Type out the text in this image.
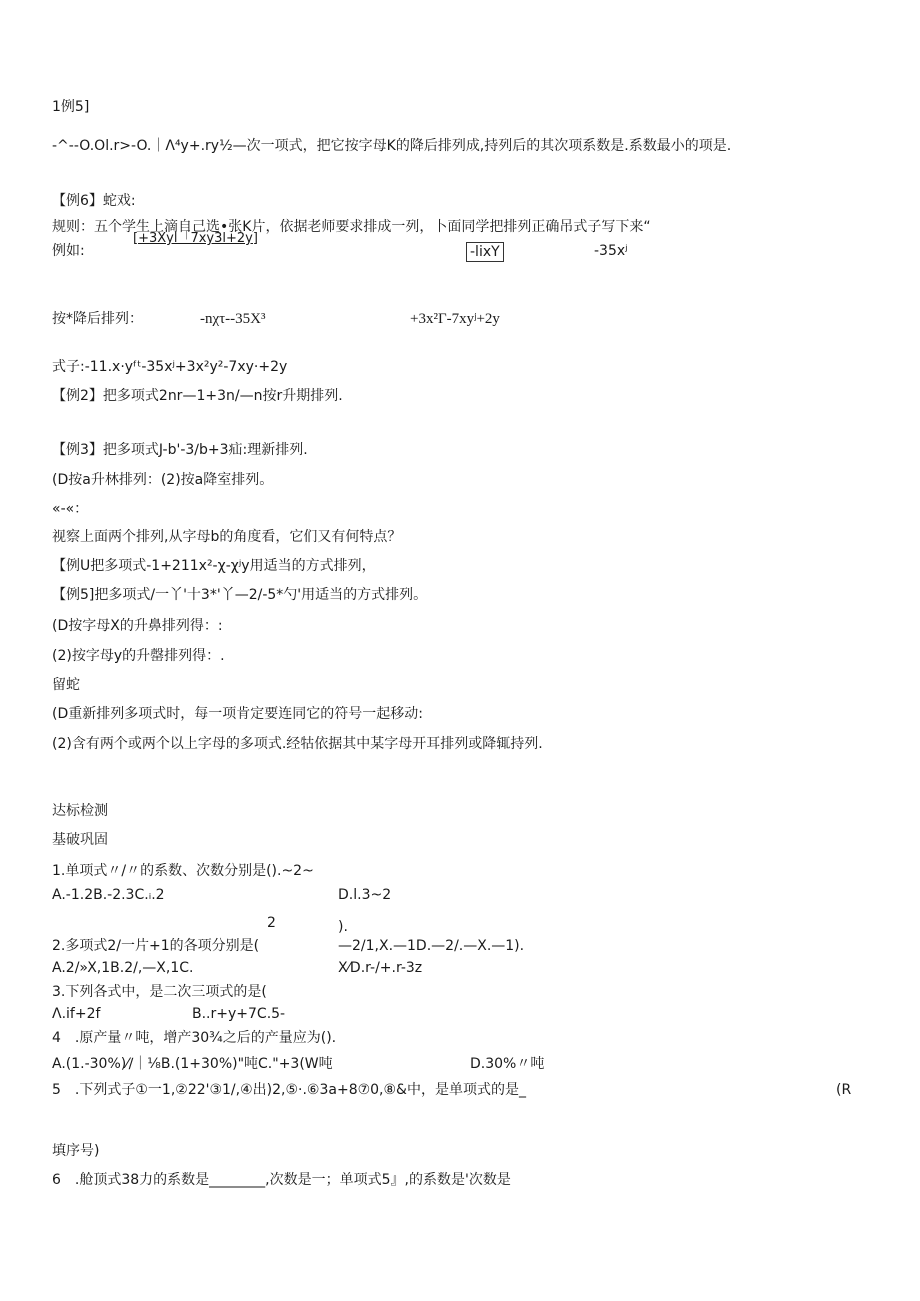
1例5]
-^--O.Ol.r>-O.｜Λ⁴y+.ry½—次一项式，把它按字母K的降后排列成,持列后的其次项系数是.系数最小的项是.
【例6】蛇戏:
规则：五个学生上滴自己选•张K片，依据老师要求排成一列，卜面同学把排列正确吊式子写下来“
例如:
[+3Xyl「7xy3l+2y]
-lixY	-35xʲ
按*降后排列：	-nχτ--35X³	+3x²Γ-7xyʲ+2y
式子:-11.x·yᶠᵗ-35xʲ+3x²y²-7xy·+2y
【例2】把多项式2nr—1+3n/—n按r升期排列.
【例3】把多项式J-b'-3∕b+3疝:理新排列.
(D按a升林排列：(2)按a降室排列。
«-«：
视察上面两个排列,从字母b的角度看，它们又有何特点？
【例U把多项式-1+211x²-χ-χʲy用适当的方式排列，
【例5]把多项式/一丫'十3*'丫—2/-5*勺'用适当的方式排列。
(D按字母X的升鼻排列得：:
(2)按字母y的升罄排列得：.
留蛇
(D重新排列多项式时，每一项肯定要连同它的符号一起移动:
(2)含有两个或两个以上字母的多项式.经牯依据其中某字母开耳排列或降辄持列.
达标检测
基破巩固
1.单项式〃/〃的系数、次数分别是().~2~
A.-1.2B.-2.3C.ᵢ.2	D.l.3~2
2	).
2.多项式2/一片+1的各项分别是(	—2/1,X.—1D.—2/.—X.—1).
A.2/»X,1B.2/,—X,1C.	X⁄D.r-/+.r-3z
3.下列各式中，是二次三项式的是(
Λ.if+2f	B..r+y+7C.5-
4　.原产量〃吨，增产30¾之后的产量应为().
A.(1.-30%)⁄∕｜⅛B.(1+30%)"吨C."+3(W吨	D.30%〃吨
5　.下列式子①一1,②22'③1/,④出)2,⑤·.⑥3a+8⑦0,⑧&中，是单项式的是_	(R
填序号)
6　.舱顶式38力的系数是________,次数是一；单项式5』,的系数是'次数是
